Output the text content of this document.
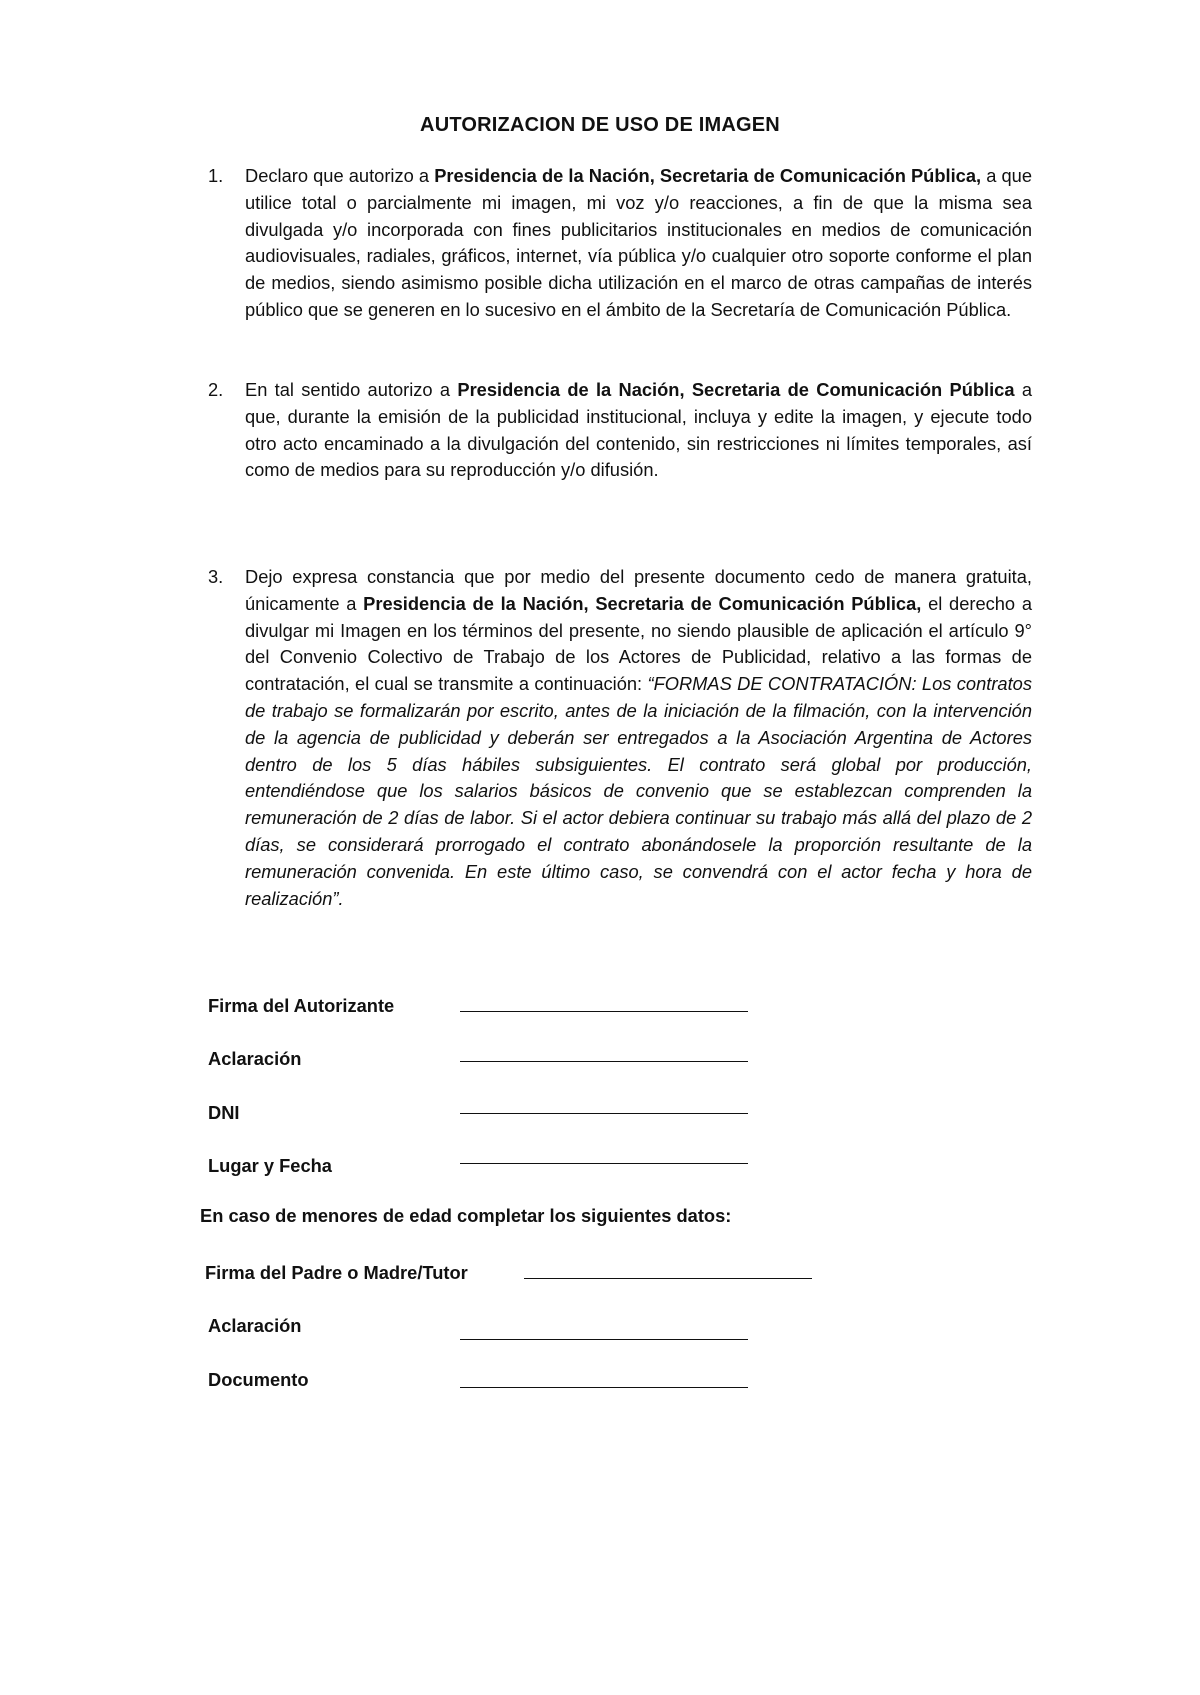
AUTORIZACION DE USO DE IMAGEN
1.	Declaro que autorizo a Presidencia de la Nación, Secretaria de Comunicación Pública, a que utilice total o parcialmente mi imagen, mi voz y/o reacciones, a fin de que la misma sea divulgada y/o incorporada con fines publicitarios institucionales en medios de comunicación audiovisuales, radiales, gráficos, internet, vía pública y/o cualquier otro soporte conforme el plan de medios, siendo asimismo posible dicha utilización en el marco de otras campañas de interés público que se generen en lo sucesivo en el ámbito de la Secretaría de Comunicación Pública.
2.	En tal sentido autorizo a Presidencia de la Nación, Secretaria de Comunicación Pública a que, durante la emisión de la publicidad institucional, incluya y edite la imagen, y ejecute todo otro acto encaminado a la divulgación del contenido, sin restricciones ni límites temporales, así como de medios para su reproducción y/o difusión.
3.	Dejo expresa constancia que por medio del presente documento cedo de manera gratuita, únicamente a Presidencia de la Nación, Secretaria de Comunicación Pública, el derecho a divulgar mi Imagen en los términos del presente, no siendo plausible de aplicación el artículo 9° del Convenio Colectivo de Trabajo de los Actores de Publicidad, relativo a las formas de contratación, el cual se transmite a continuación: “FORMAS DE CONTRATACIÓN: Los contratos de trabajo se formalizarán por escrito, antes de la iniciación de la filmación, con la intervención de la agencia de publicidad y deberán ser entregados a la Asociación Argentina de Actores dentro de los 5 días hábiles subsiguientes. El contrato será global por producción, entendiéndose que los salarios básicos de convenio que se establezcan comprenden la remuneración de 2 días de labor. Si el actor debiera continuar su trabajo más allá del plazo de 2 días, se considerará prorrogado el contrato abonándosele la proporción resultante de la remuneración convenida. En este último caso, se convendrá con el actor fecha y hora de realización”.
Firma del Autorizante
Aclaración
DNI
Lugar y Fecha
En caso de menores de edad completar los siguientes datos:
Firma del Padre o Madre/Tutor
Aclaración
Documento
